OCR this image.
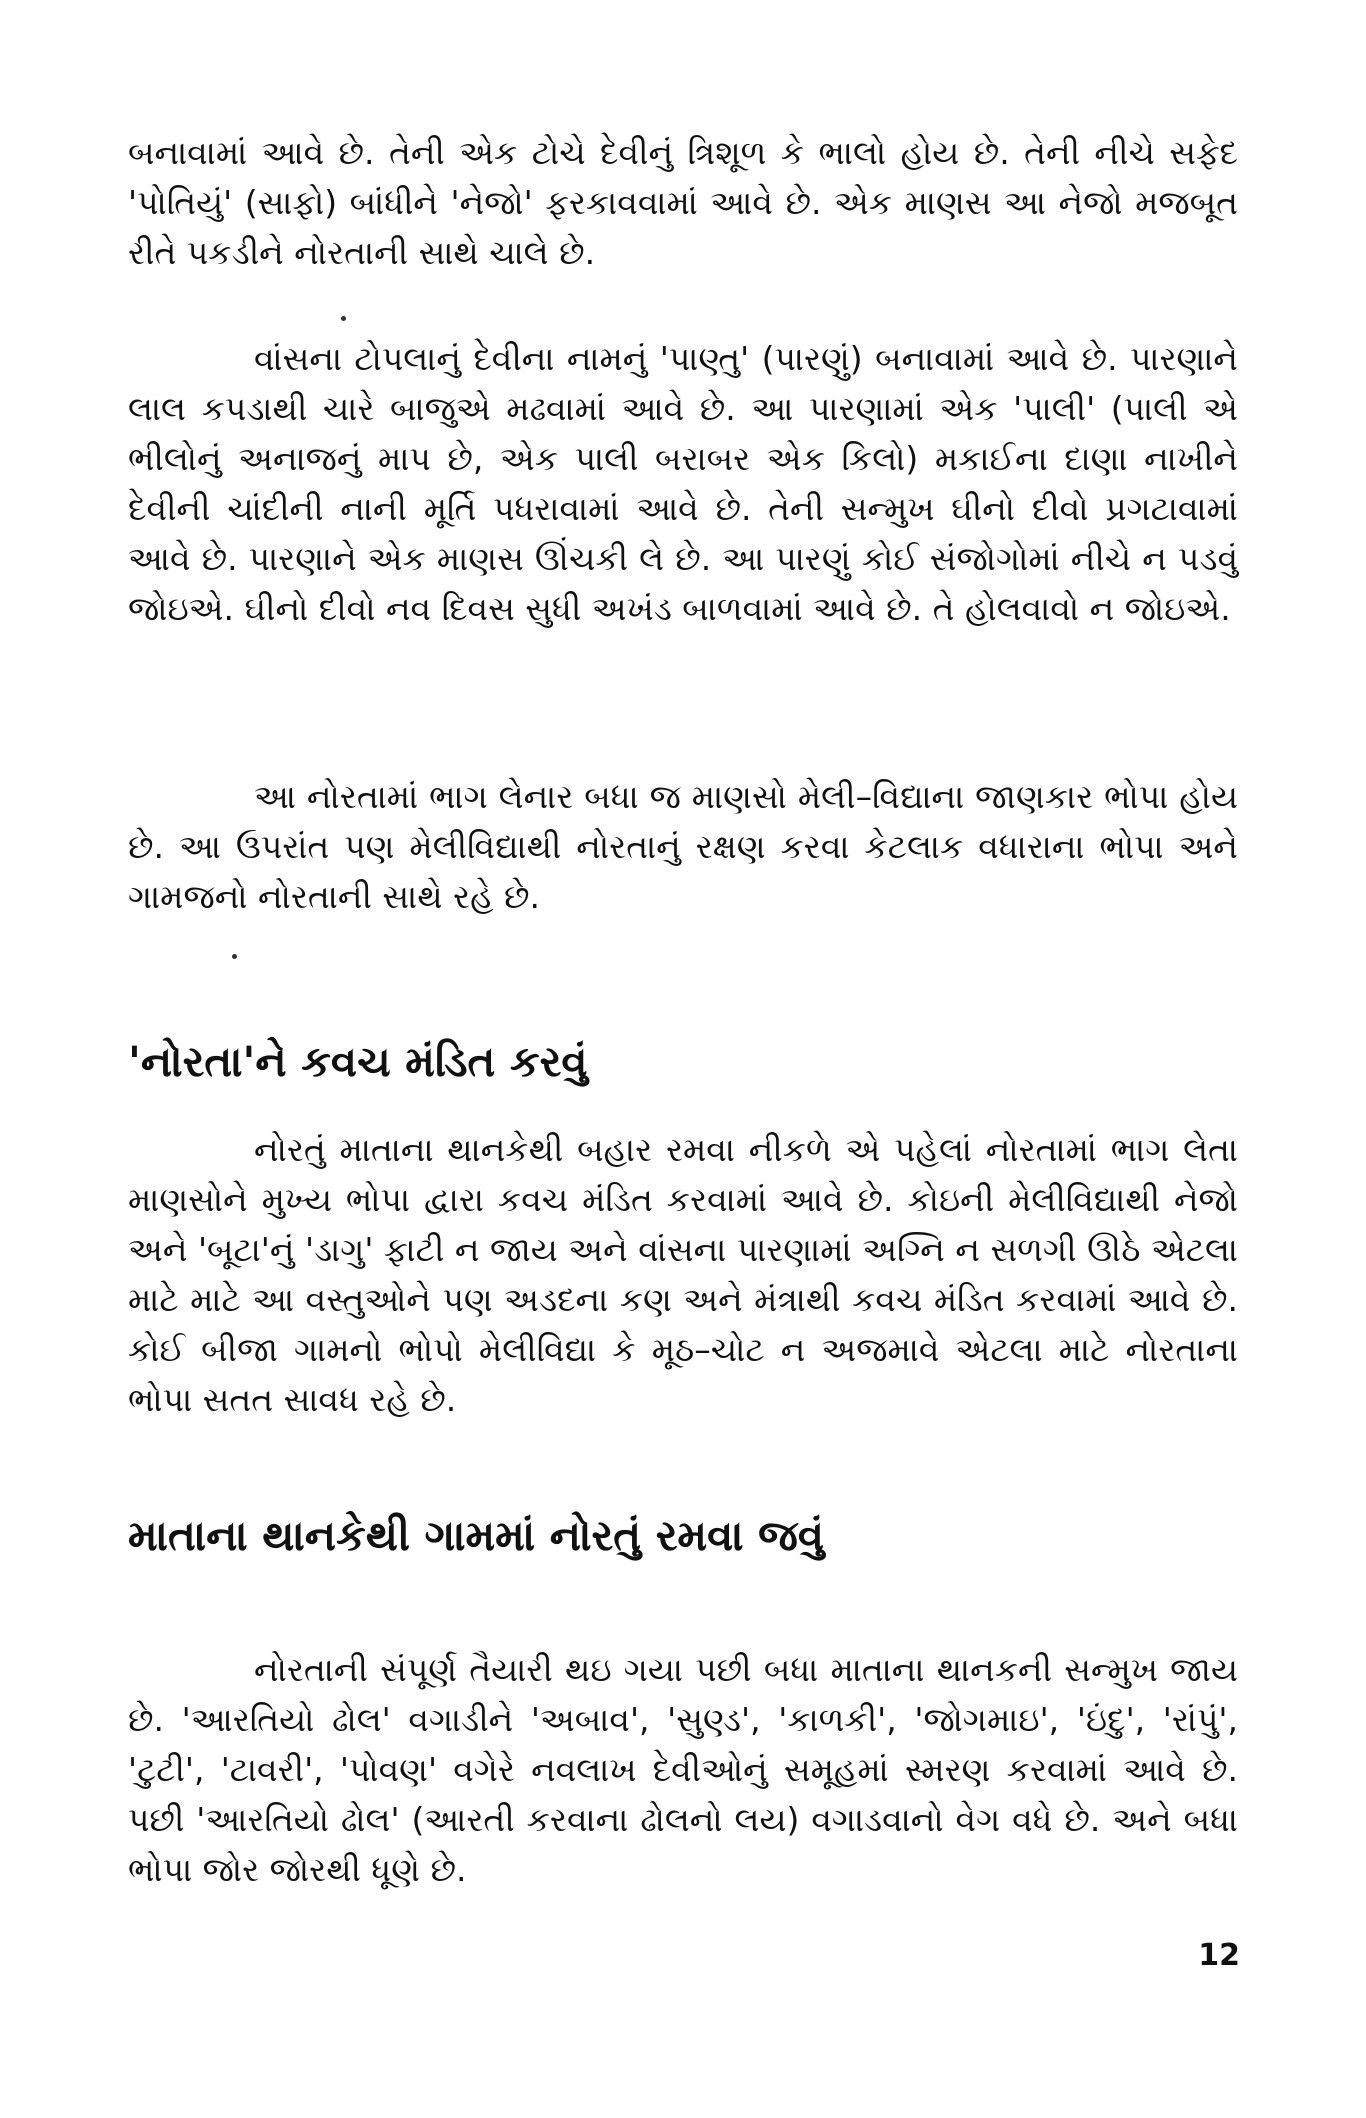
બનાવામાં આવે છે. તેની એક ટોચે દેવીનું ત્રિશૂળ કે ભાલો હોય છે. તેની નીચે સફેદ 'પોતિયું' (સાફો) બાંધીને 'નેજો' ફરકાવવામાં આવે છે. એક માણસ આ નેજો મજબૂત રીતે પકડીને નોરતાની સાથે ચાલે છે.

વાંસના ટોપલાનું દેવીના નામનું 'પાણ્તુ' (પારણું) બનાવામાં આવે છે. પારણાને લાલ કપડાથી ચારે બાજુએ મઢવામાં આવે છે. આ પારણામાં એક 'પાલી' (પાલી એ ભીલોનું અનાજનું માપ છે, એક પાલી બરાબર એક કિલો) મકાઈના દાણા નાખીને દેવીની ચાંદીની નાની મૂર્તિ પધરાવામાં આવે છે. તેની સન્મુખ ઘીનો દીવો પ્રગટાવામાં આવે છે. પારણાને એક માણસ ઊંચકી લે છે. આ પારણું કોઈ સંજોગોમાં નીચે ન પડવું જોઇએ. ઘીનો દીવો નવ દિવસ સુધી અખંડ બાળવામાં આવે છે. તે હોલવાવો ન જોઇએ.

આ નોરતામાં ભાગ લેનાર બધા જ માણસો મેલી–વિદ્યાના જાણકાર ભોપા હોય છે. આ ઉપરાંત પણ મેલીવિદ્યાથી નોરતાનું રક્ષણ કરવા કેટલાક વધારાના ભોપા અને ગામજનો નોરતાની સાથે રહે છે.

'નોરતા'ને કવચ મંડિત કરવું

નોરતું માતાના થાનકેથી બહાર રમવા નીકળે એ પહેલાં નોરતામાં ભાગ લેતા માણસોને મુખ્ય ભોપા દ્વારા કવચ મંડિત કરવામાં આવે છે. કોઇની મેલીવિદ્યાથી નેજો અને 'બૂટા'નું 'ડાગુ' ફાટી ન જાય અને વાંસના પારણામાં અગ્નિ ન સળગી ઊઠે એટલા માટે માટે આ વસ્તુઓને પણ અડદના કણ અને મંત્રાથી કવચ મંડિત કરવામાં આવે છે. કોઈ બીજા ગામનો ભોપો મેલીવિદ્યા કે મૂઠ–ચોટ ન અજમાવે એટલા માટે નોરતાના ભોપા સતત સાવધ રહે છે.

માતાના થાનકેથી ગામમાં નોરતું રમવા જવું

નોરતાની સંપૂર્ણ તૈયારી થઇ ગયા પછી બધા માતાના થાનકની સન્મુખ જાય છે. 'આરતિયો ઢોલ' વગાડીને 'અબાવ', 'સુણ્ડ', 'કાળકી', 'જોગમાઇ', 'ઇંદુ', 'રાંપું', 'ટુટી', 'ટાવરી', 'પોવણ' વગેરે નવલાખ દેવીઓનું સમૂહમાં સ્મરણ કરવામાં આવે છે. પછી 'આરતિયો ઢોલ' (આરતી કરવાના ઢોલનો લય) વગાડવાનો વેગ વધે છે. અને બધા ભોપા જોર જોરથી ધૂણે છે.

12
